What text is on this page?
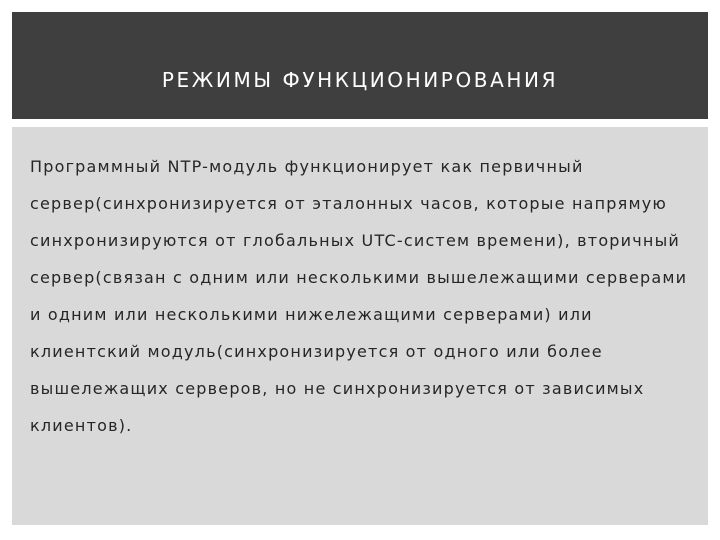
РЕЖИМЫ ФУНКЦИОНИРОВАНИЯ

Программный NTP-модуль функционирует как первичный сервер(синхронизируется от эталонных часов, которые напрямую синхронизируются от глобальных UTC-систем времени), вторичный сервер(связан с одним или несколькими вышележащими серверами и одним или несколькими нижележащими серверами) или клиентский модуль(синхронизируется от одного или более вышележащих серверов, но не синхронизируется от зависимых клиентов).
